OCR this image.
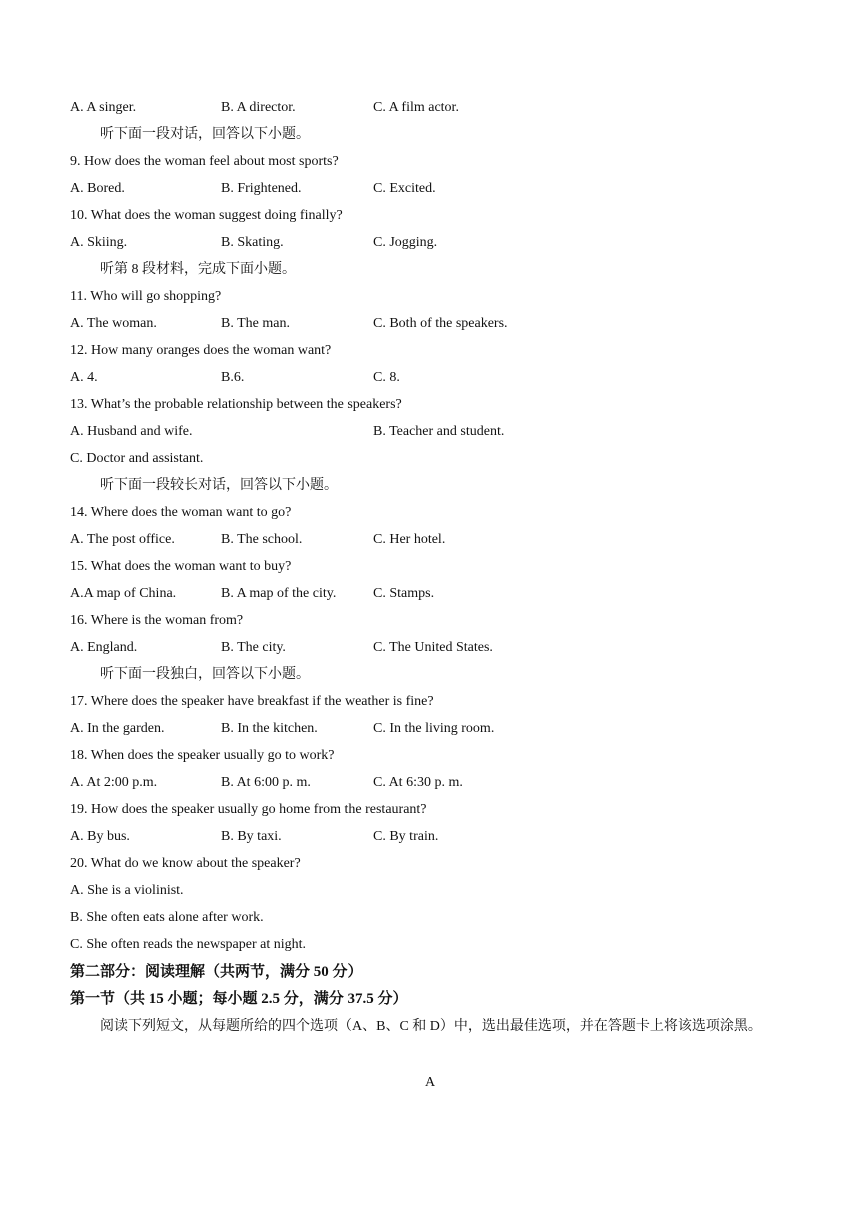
A. A singer.	B. A director.	C. A film actor.
听下面一段对话，回答以下小题。
9. How does the woman feel about most sports?
A. Bored.	B. Frightened.	C. Excited.
10. What does the woman suggest doing finally?
A. Skiing.	B. Skating.	C. Jogging.
听第 8 段材料，完成下面小题。
11. Who will go shopping?
A. The woman.	B. The man.	C. Both of the speakers.
12. How many oranges does the woman want?
A. 4.	B.6.	C. 8.
13. What’s the probable relationship between the speakers?
A. Husband and wife.	B. Teacher and student.
C. Doctor and assistant.
听下面一段较长对话，回答以下小题。
14. Where does the woman want to go?
A. The post office.	B. The school.	C. Her hotel.
15. What does the woman want to buy?
A.A map of China.	B. A map of the city.	C. Stamps.
16. Where is the woman from?
A. England.	B. The city.	C. The United States.
听下面一段独白，回答以下小题。
17. Where does the speaker have breakfast if the weather is fine?
A. In the garden.	B. In the kitchen.	C. In the living room.
18. When does the speaker usually go to work?
A. At 2:00 p.m.	B. At 6:00 p. m.	C. At 6:30 p. m.
19. How does the speaker usually go home from the restaurant?
A. By bus.	B. By taxi.	C. By train.
20. What do we know about the speaker?
A. She is a violinist.
B. She often eats alone after work.
C. She often reads the newspaper at night.
第二部分：阅读理解（共两节，满分 50 分）
第一节（共 15 小题；每小题 2.5 分，满分 37.5 分）
阅读下列短文，从每题所给的四个选项（A、B、C 和 D）中，选出最佳选项，并在答题卡上将该选项涂黑。
A
